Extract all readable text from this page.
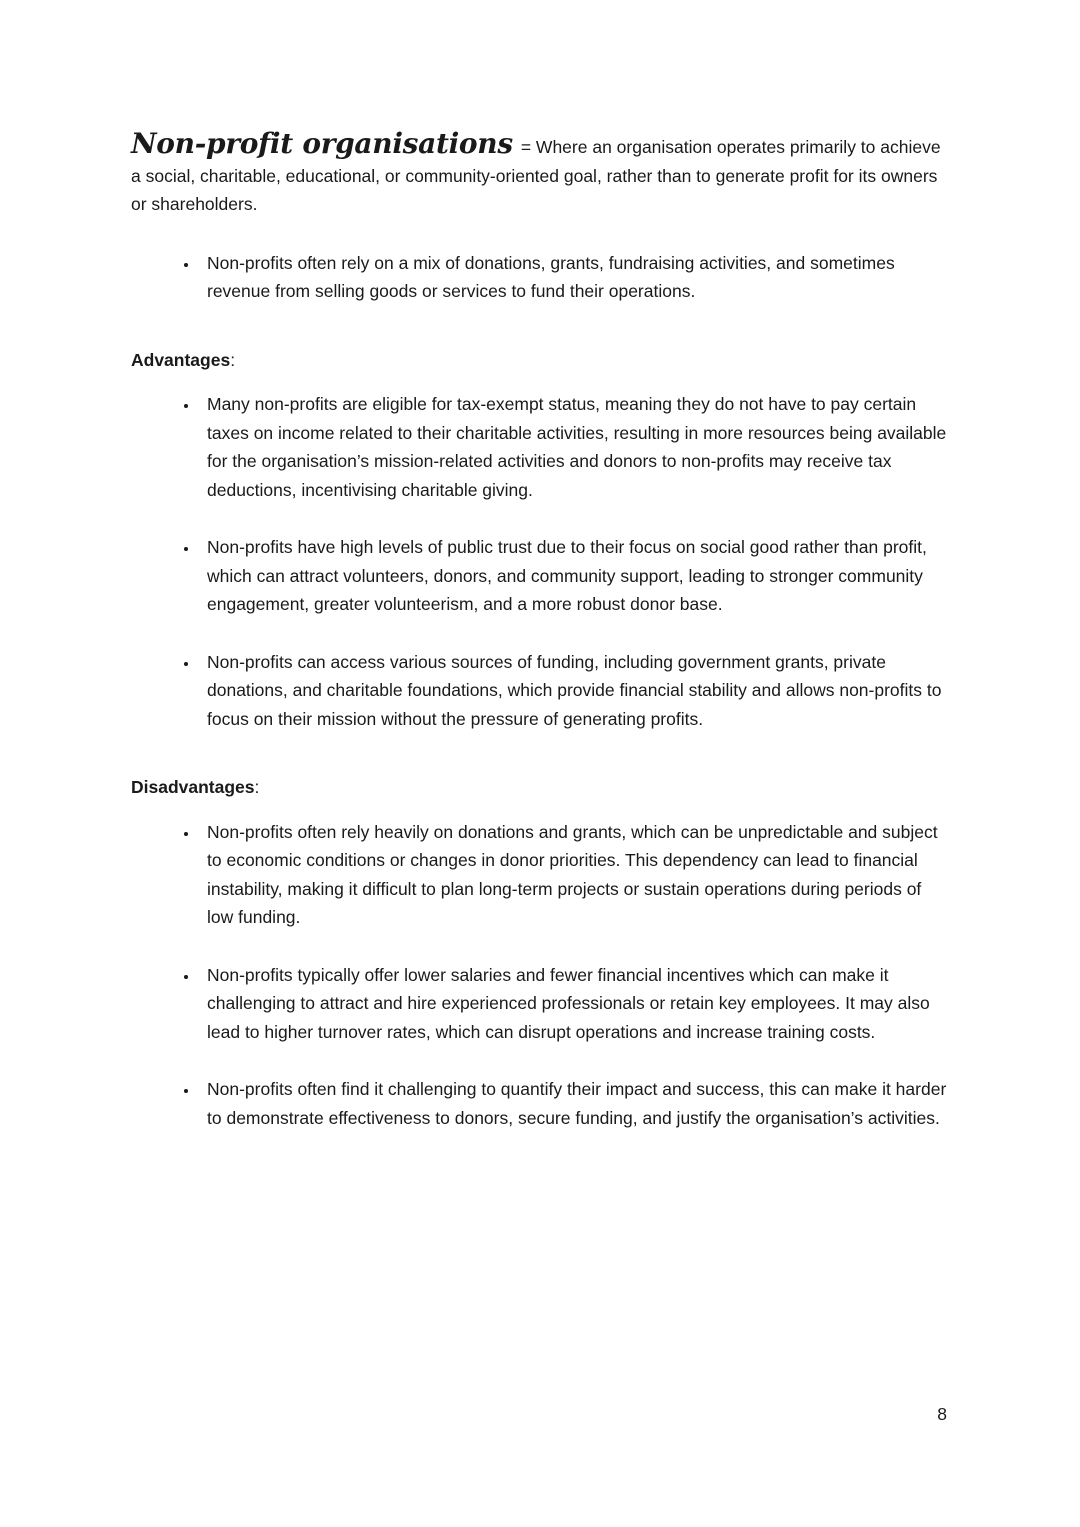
Non-profit organisations = Where an organisation operates primarily to achieve a social, charitable, educational, or community-oriented goal, rather than to generate profit for its owners or shareholders.

• Non-profits often rely on a mix of donations, grants, fundraising activities, and sometimes revenue from selling goods or services to fund their operations.

Advantages:

• Many non-profits are eligible for tax-exempt status, meaning they do not have to pay certain taxes on income related to their charitable activities, resulting in more resources being available for the organisation’s mission-related activities and donors to non-profits may receive tax deductions, incentivising charitable giving.
• Non-profits have high levels of public trust due to their focus on social good rather than profit, which can attract volunteers, donors, and community support, leading to stronger community engagement, greater volunteerism, and a more robust donor base.
• Non-profits can access various sources of funding, including government grants, private donations, and charitable foundations, which provide financial stability and allows non-profits to focus on their mission without the pressure of generating profits.

Disadvantages:

• Non-profits often rely heavily on donations and grants, which can be unpredictable and subject to economic conditions or changes in donor priorities. This dependency can lead to financial instability, making it difficult to plan long-term projects or sustain operations during periods of low funding.
• Non-profits typically offer lower salaries and fewer financial incentives which can make it challenging to attract and hire experienced professionals or retain key employees. It may also lead to higher turnover rates, which can disrupt operations and increase training costs.
• Non-profits often find it challenging to quantify their impact and success, this can make it harder to demonstrate effectiveness to donors, secure funding, and justify the organisation’s activities.
8
